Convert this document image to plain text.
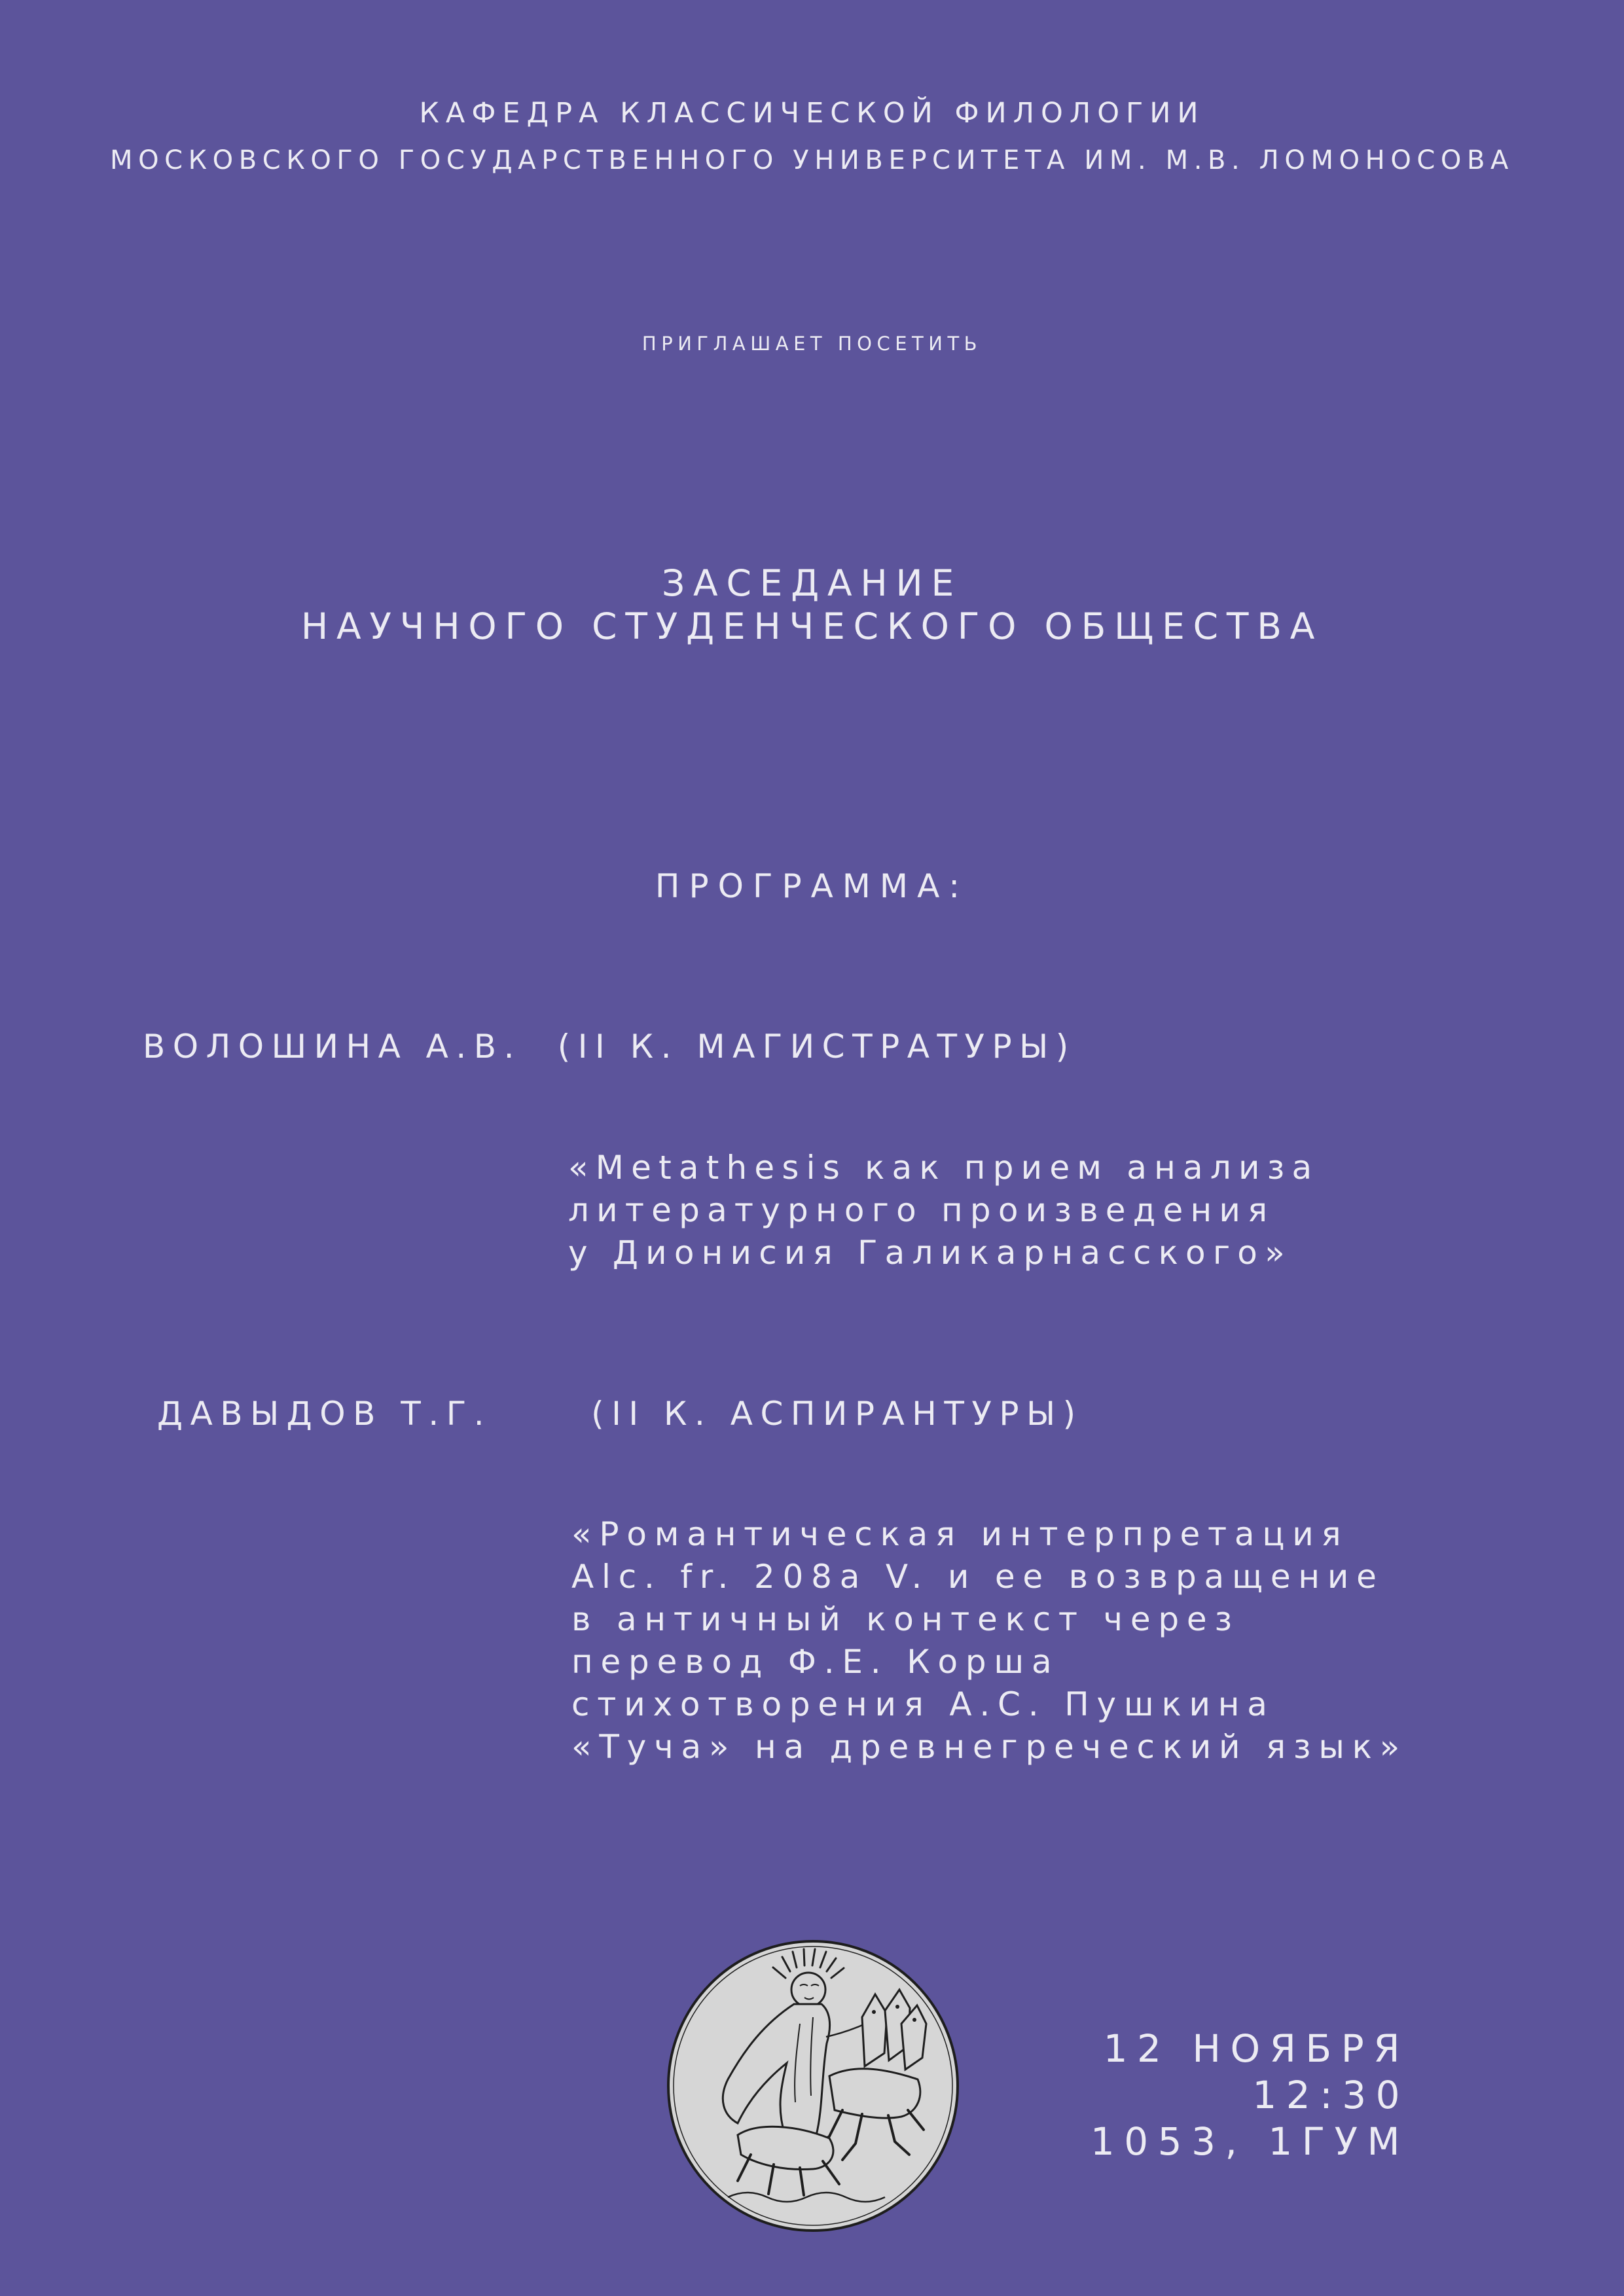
КАФЕДРА КЛАССИЧЕСКОЙ ФИЛОЛОГИИ
МОСКОВСКОГО ГОСУДАРСТВЕННОГО УНИВЕРСИТЕТА ИМ. М.В. ЛОМОНОСОВА
ПРИГЛАШАЕТ ПОСЕТИТЬ
ЗАСЕДАНИЕ
НАУЧНОГО СТУДЕНЧЕСКОГО ОБЩЕСТВА
ПРОГРАММА:
ВОЛОШИНА А.В. (II К. МАГИСТРАТУРЫ)
«Metathesis как прием анализа
литературного произведения
у Дионисия Галикарнасского»
ДАВЫДОВ Т.Г.	(II К. АСПИРАНТУРЫ)
«Романтическая интерпретация
Alc. fr. 208a V. и ее возвращение
в античный контекст через
перевод Ф.Е. Корша
стихотворения А.С. Пушкина
«Туча» на древнегреческий язык»
12 НОЯБРЯ
12:30
1053, 1ГУМ
